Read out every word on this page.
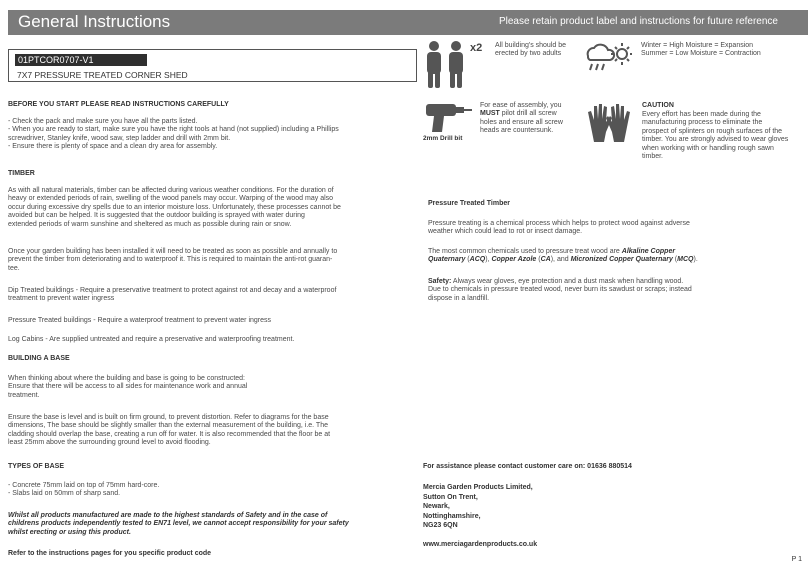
General Instructions	Please retain product label and instructions for future reference
01PTCOR0707-V1
7X7 PRESSURE TREATED CORNER SHED
BEFORE YOU START PLEASE READ INSTRUCTIONS CAREFULLY
- Check the pack and make sure you have all the parts listed.
- When you are ready to start, make sure you have the right tools at hand (not supplied) including a Phillips
screwdriver, Stanley knife, wood saw, step ladder and drill with 2mm bit.
- Ensure there is plenty of space and a clean dry area for assembly.
TIMBER
As with all natural materials, timber can be affected during various weather conditions. For the duration of
heavy or extended periods of rain, swelling of the wood panels may occur. Warping of the wood may also
occur during excessive dry spells due to an interior moisture loss. Unfortunately, these processes cannot be
avoided but can be helped. It is suggested that the outdoor building is sprayed with water during
extended periods of warm sunshine and sheltered as much as possible during rain or snow.
Once your garden building has been installed it will need to be treated as soon as possible and annually to
prevent the timber from deteriorating and to waterproof it. This is required to maintain the anti-rot guaran-
tee.
Dip Treated buildings - Require a preservative treatment to protect against rot and decay and a waterproof
treatment to prevent water ingress
Pressure Treated buildings - Require a waterproof treatment to prevent water ingress
Log Cabins - Are supplied untreated and require a preservative and waterproofing treatment.
BUILDING A BASE
When thinking about where the building and base is going to be constructed:
Ensure that there will be access to all sides for maintenance work and annual
treatment.
Ensure the base is level and is built on firm ground, to prevent distortion. Refer to diagrams for the base
dimensions, The base should be slightly smaller than the external measurement of the building, i.e. The
cladding should overlap the base, creating a run off for water. It is also recommended that the floor be at
least 25mm above the surrounding ground level to avoid flooding.
TYPES OF BASE
- Concrete 75mm laid on top of 75mm hard-core.
- Slabs laid on 50mm of sharp sand.
Whilst all products manufactured are made to the highest standards of Safety and in the case of
childrens products independently tested to EN71 level, we cannot accept responsibility for your safety
whilst erecting or using this product.
Refer to the instructions pages for you specific product code
x2 All building's should be
erected by two adults
Winter = High Moisture = Expansion
Summer = Low Moisture = Contraction
2mm Drill bit
For ease of assembly, you
MUST pilot drill all screw
holes and ensure all screw
heads are countersunk.
CAUTION
Every effort has been made during the
manufacturing process to eliminate the
prospect of splinters on rough surfaces of the
timber. You are strongly advised to wear gloves
when working with or handling rough sawn
timber.
Pressure Treated Timber
Pressure treating is a chemical process which helps to protect wood against adverse
weather which could lead to rot or insect damage.
The most common chemicals used to pressure treat wood are Alkaline Copper
Quaternary (ACQ), Copper Azole (CA), and Micronized Copper Quaternary (MCQ).
Safety: Always wear gloves, eye protection and a dust mask when handling wood.
Due to chemicals in pressure treated wood, never burn its sawdust or scraps; instead
dispose in a landfill.
For assistance please contact customer care on: 01636 880514
Mercia Garden Products Limited,
Sutton On Trent,
Newark,
Nottinghamshire,
NG23 6QN
www.merciagardenproducts.co.uk
P 1
